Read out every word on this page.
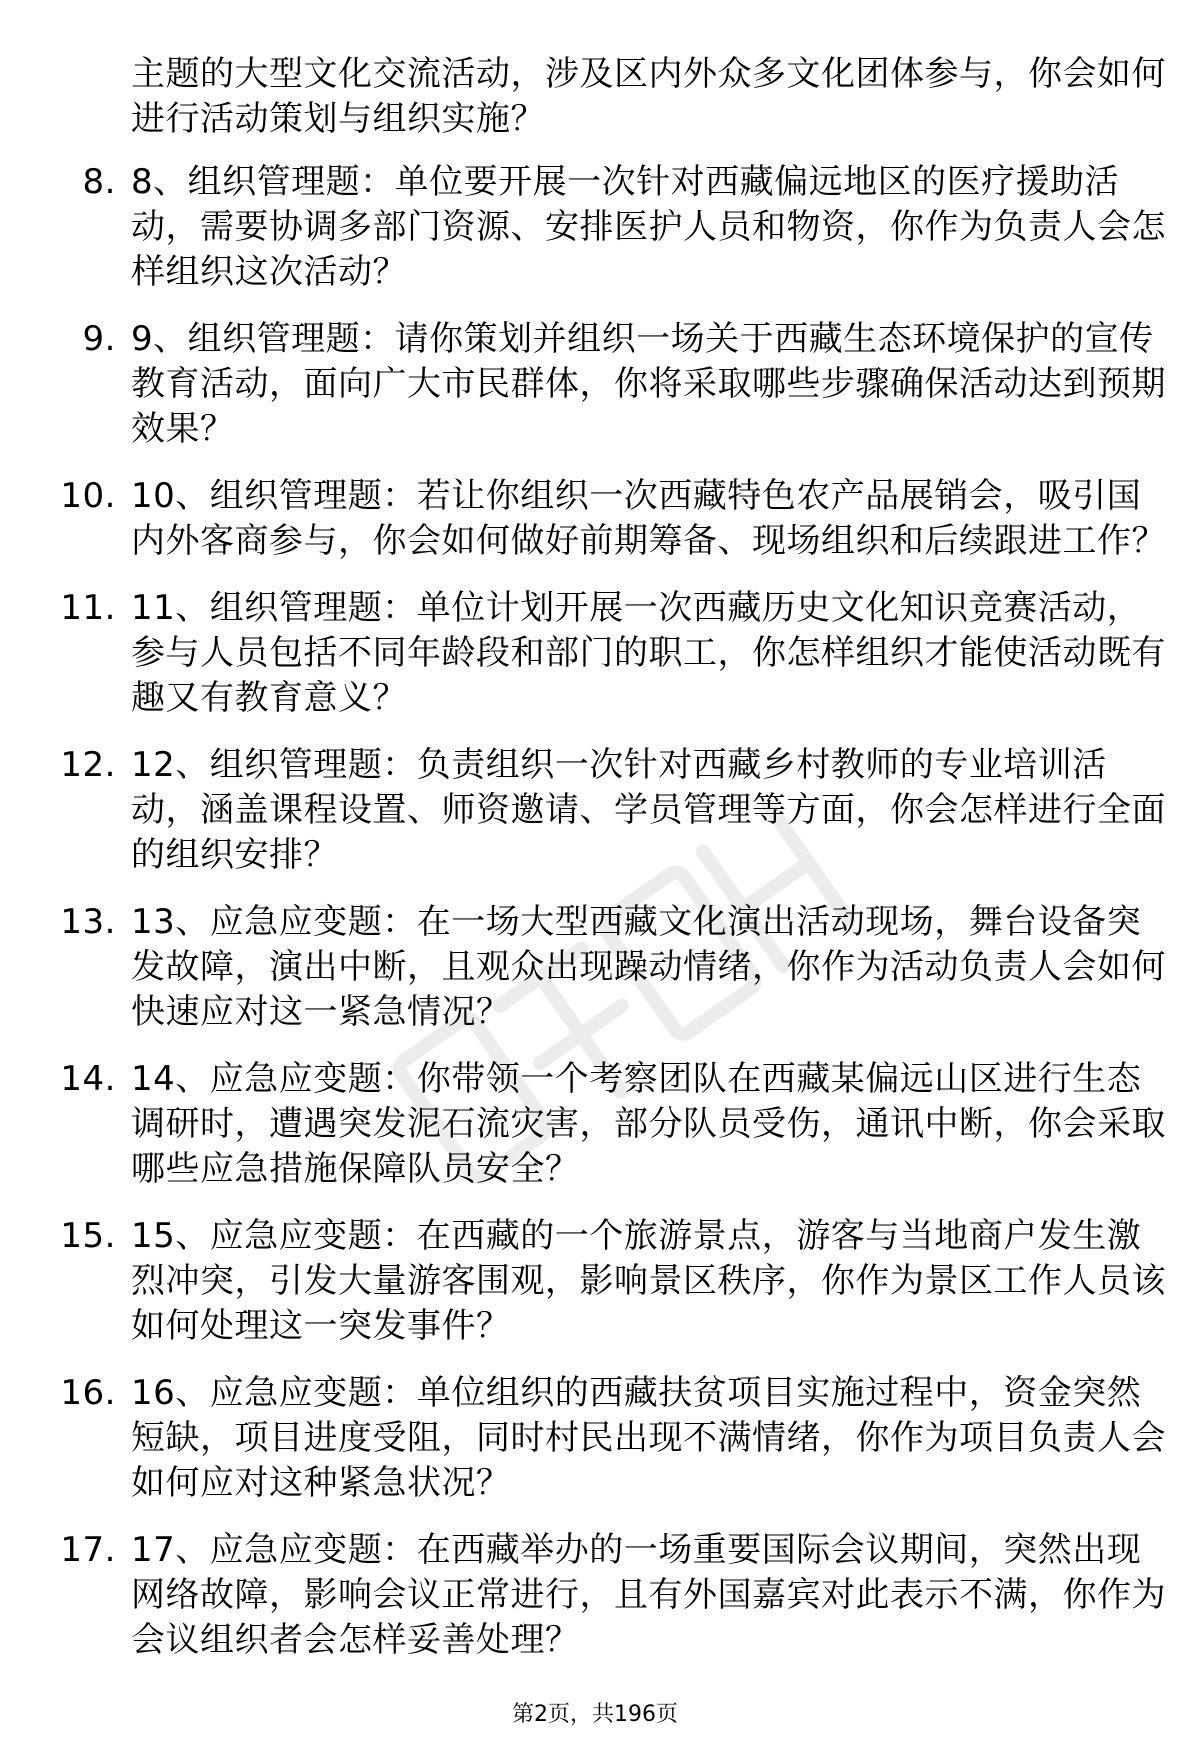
主题的大型文化交流活动，涉及区内外众多文化团体参与，你会如何进行活动策划与组织实施？
8. 8、组织管理题：单位要开展一次针对西藏偏远地区的医疗援助活动，需要协调多部门资源、安排医护人员和物资，你作为负责人会怎样组织这次活动？
9. 9、组织管理题：请你策划并组织一场关于西藏生态环境保护的宣传教育活动，面向广大市民群体，你将采取哪些步骤确保活动达到预期效果？
10. 10、组织管理题：若让你组织一次西藏特色农产品展销会，吸引国内外客商参与，你会如何做好前期筹备、现场组织和后续跟进工作？
11. 11、组织管理题：单位计划开展一次西藏历史文化知识竞赛活动，参与人员包括不同年龄段和部门的职工，你怎样组织才能使活动既有趣又有教育意义？
12. 12、组织管理题：负责组织一次针对西藏乡村教师的专业培训活动，涵盖课程设置、师资邀请、学员管理等方面，你会怎样进行全面的组织安排？
13. 13、应急应变题：在一场大型西藏文化演出活动现场，舞台设备突发故障，演出中断，且观众出现躁动情绪，你作为活动负责人会如何快速应对这一紧急情况？
14. 14、应急应变题：你带领一个考察团队在西藏某偏远山区进行生态调研时，遭遇突发泥石流灾害，部分队员受伤，通讯中断，你会采取哪些应急措施保障队员安全？
15. 15、应急应变题：在西藏的一个旅游景点，游客与当地商户发生激烈冲突，引发大量游客围观，影响景区秩序，你作为景区工作人员该如何处理这一突发事件？
16. 16、应急应变题：单位组织的西藏扶贫项目实施过程中，资金突然短缺，项目进度受阻，同时村民出现不满情绪，你作为项目负责人会如何应对这种紧急状况？
17. 17、应急应变题：在西藏举办的一场重要国际会议期间，突然出现网络故障，影响会议正常进行，且有外国嘉宾对此表示不满，你作为会议组织者会怎样妥善处理？
第2页，共196页
